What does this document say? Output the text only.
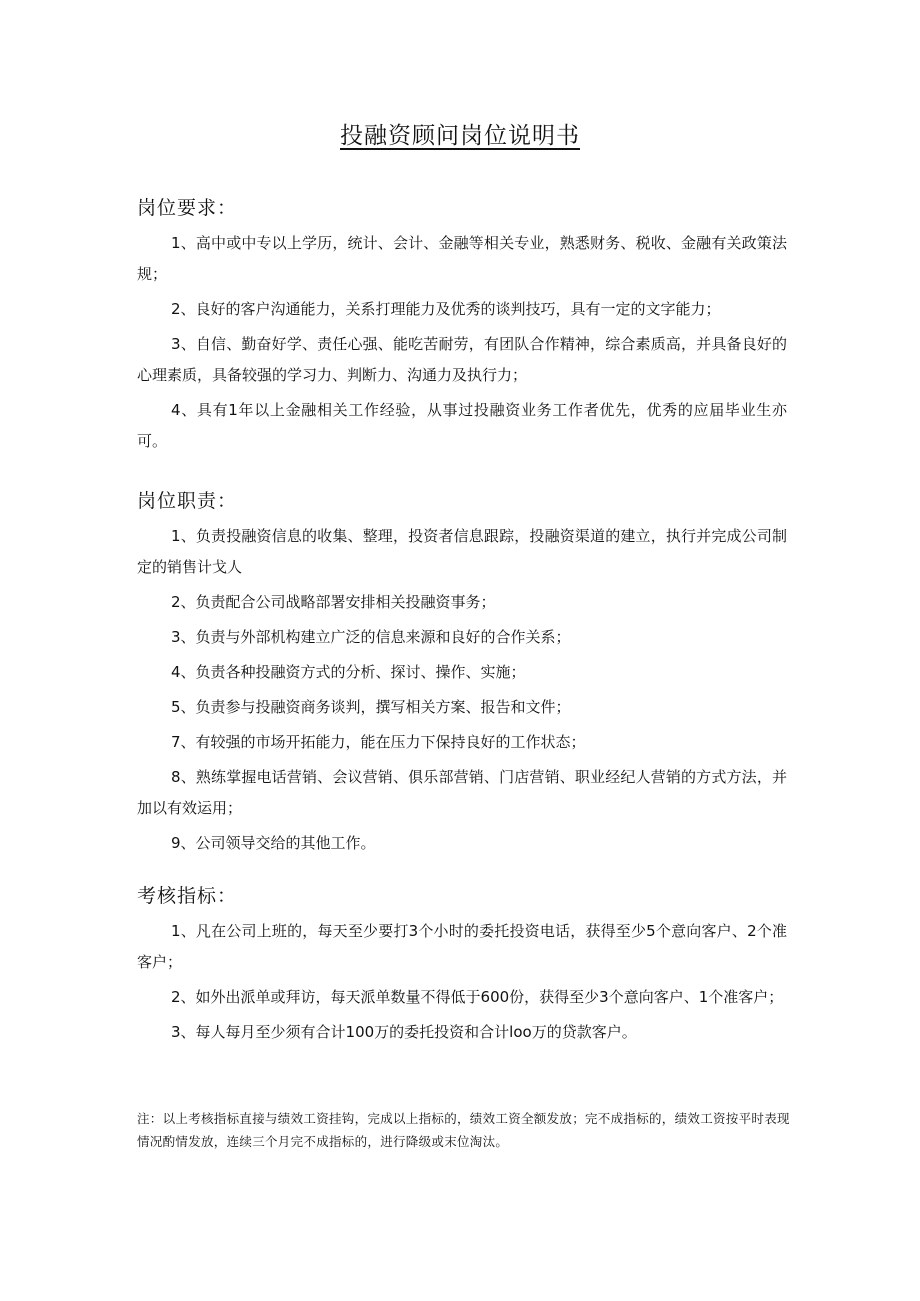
投融资顾问岗位说明书
岗位要求：

1、高中或中专以上学历，统计、会计、金融等相关专业，熟悉财务、税收、金融有关政策法规；

2、良好的客户沟通能力，关系打理能力及优秀的谈判技巧，具有一定的文字能力；

3、自信、勤奋好学、责任心强、能吃苦耐劳，有团队合作精神，综合素质高，并具备良好的心理素质，具备较强的学习力、判断力、沟通力及执行力；

4、具有1年以上金融相关工作经验，从事过投融资业务工作者优先，优秀的应届毕业生亦可。

岗位职责：

1、负责投融资信息的收集、整理，投资者信息跟踪，投融资渠道的建立，执行并完成公司制定的销售计戈人

2、负责配合公司战略部署安排相关投融资事务；

3、负责与外部机构建立广泛的信息来源和良好的合作关系；

4、负责各种投融资方式的分析、探讨、操作、实施；

5、负责参与投融资商务谈判，撰写相关方案、报告和文件；

7、有较强的市场开拓能力，能在压力下保持良好的工作状态；

8、熟练掌握电话营销、会议营销、俱乐部营销、门店营销、职业经纪人营销的方式方法，并加以有效运用；

9、公司领导交给的其他工作。

考核指标：

1、凡在公司上班的，每天至少要打3个小时的委托投资电话，获得至少5个意向客户、2个准客户；

2、如外出派单或拜访，每天派单数量不得低于600份，获得至少3个意向客户、1个准客户；

3、每人每月至少须有合计100万的委托投资和合计loo万的贷款客户。

注：以上考核指标直接与绩效工资挂钩，完成以上指标的，绩效工资全额发放；完不成指标的，绩效工资按平时表现情况酌情发放，连续三个月完不成指标的，进行降级或末位淘汰。
